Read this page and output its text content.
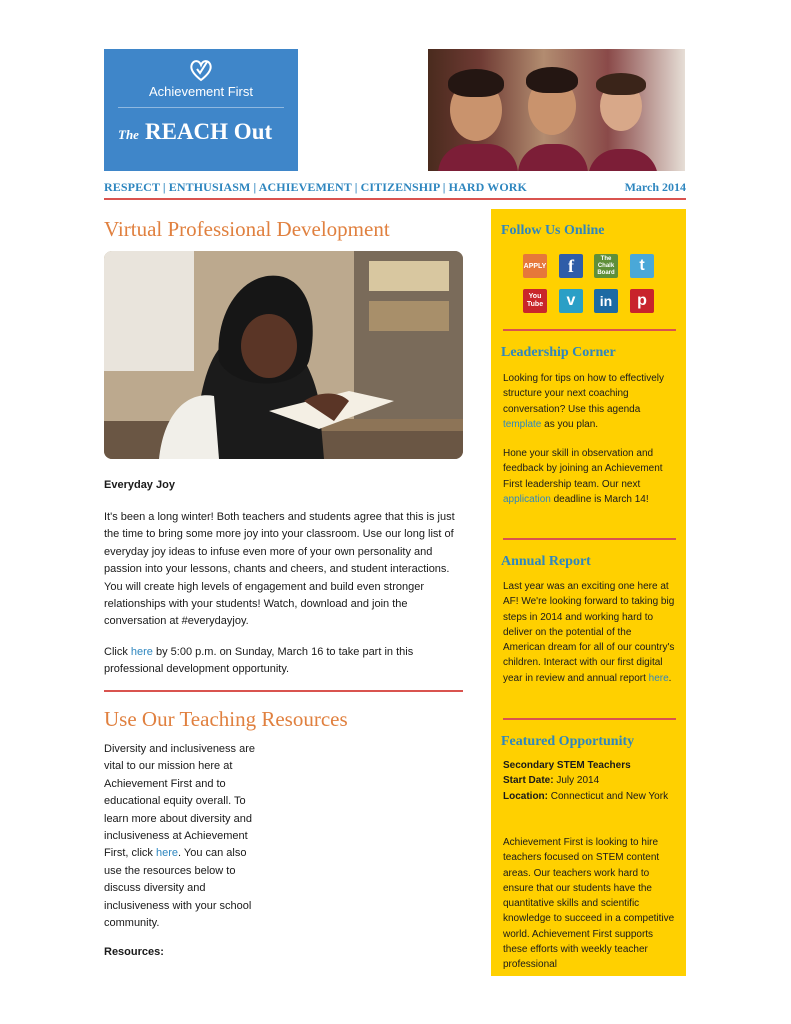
Achievement First
The REACH Out
RESPECT | ENTHUSIASM | ACHIEVEMENT | CITIZENSHIP | HARD WORK	March 2014
Virtual Professional Development
Everyday Joy
It's been a long winter! Both teachers and students agree that this is just the time to bring some more joy into your classroom. Use our long list of everyday joy ideas to infuse even more of your own personality and passion into your lessons, chants and cheers, and student interactions. You will create high levels of engagement and build even stronger relationships with your students! Watch, download and join the conversation at #everydayjoy.
Click here by 5:00 p.m. on Sunday, March 16 to take part in this professional development opportunity.
Use Our Teaching Resources
Diversity and inclusiveness are vital to our mission here at Achievement First and to educational equity overall. To learn more about diversity and inclusiveness at Achievement First, click here. You can also use the resources below to discuss diversity and inclusiveness with your school community.
Resources:
Follow Us Online
APPLY	f	The Chalk Board	t
You Tube	v	in	p
Leadership Corner
Looking for tips on how to effectively structure your next coaching conversation? Use this agenda template as you plan.
Hone your skill in observation and feedback by joining an Achievement First leadership team. Our next application deadline is March 14!
Annual Report
Last year was an exciting one here at AF! We're looking forward to taking big steps in 2014 and working hard to deliver on the potential of the American dream for all of our country's children. Interact with our first digital year in review and annual report here.
Featured Opportunity
Secondary STEM Teachers
Start Date: July 2014
Location: Connecticut and New York
Achievement First is looking to hire teachers focused on STEM content areas. Our teachers work hard to ensure that our students have the quantitative skills and scientific knowledge to succeed in a competitive world. Achievement First supports these efforts with weekly teacher professional
